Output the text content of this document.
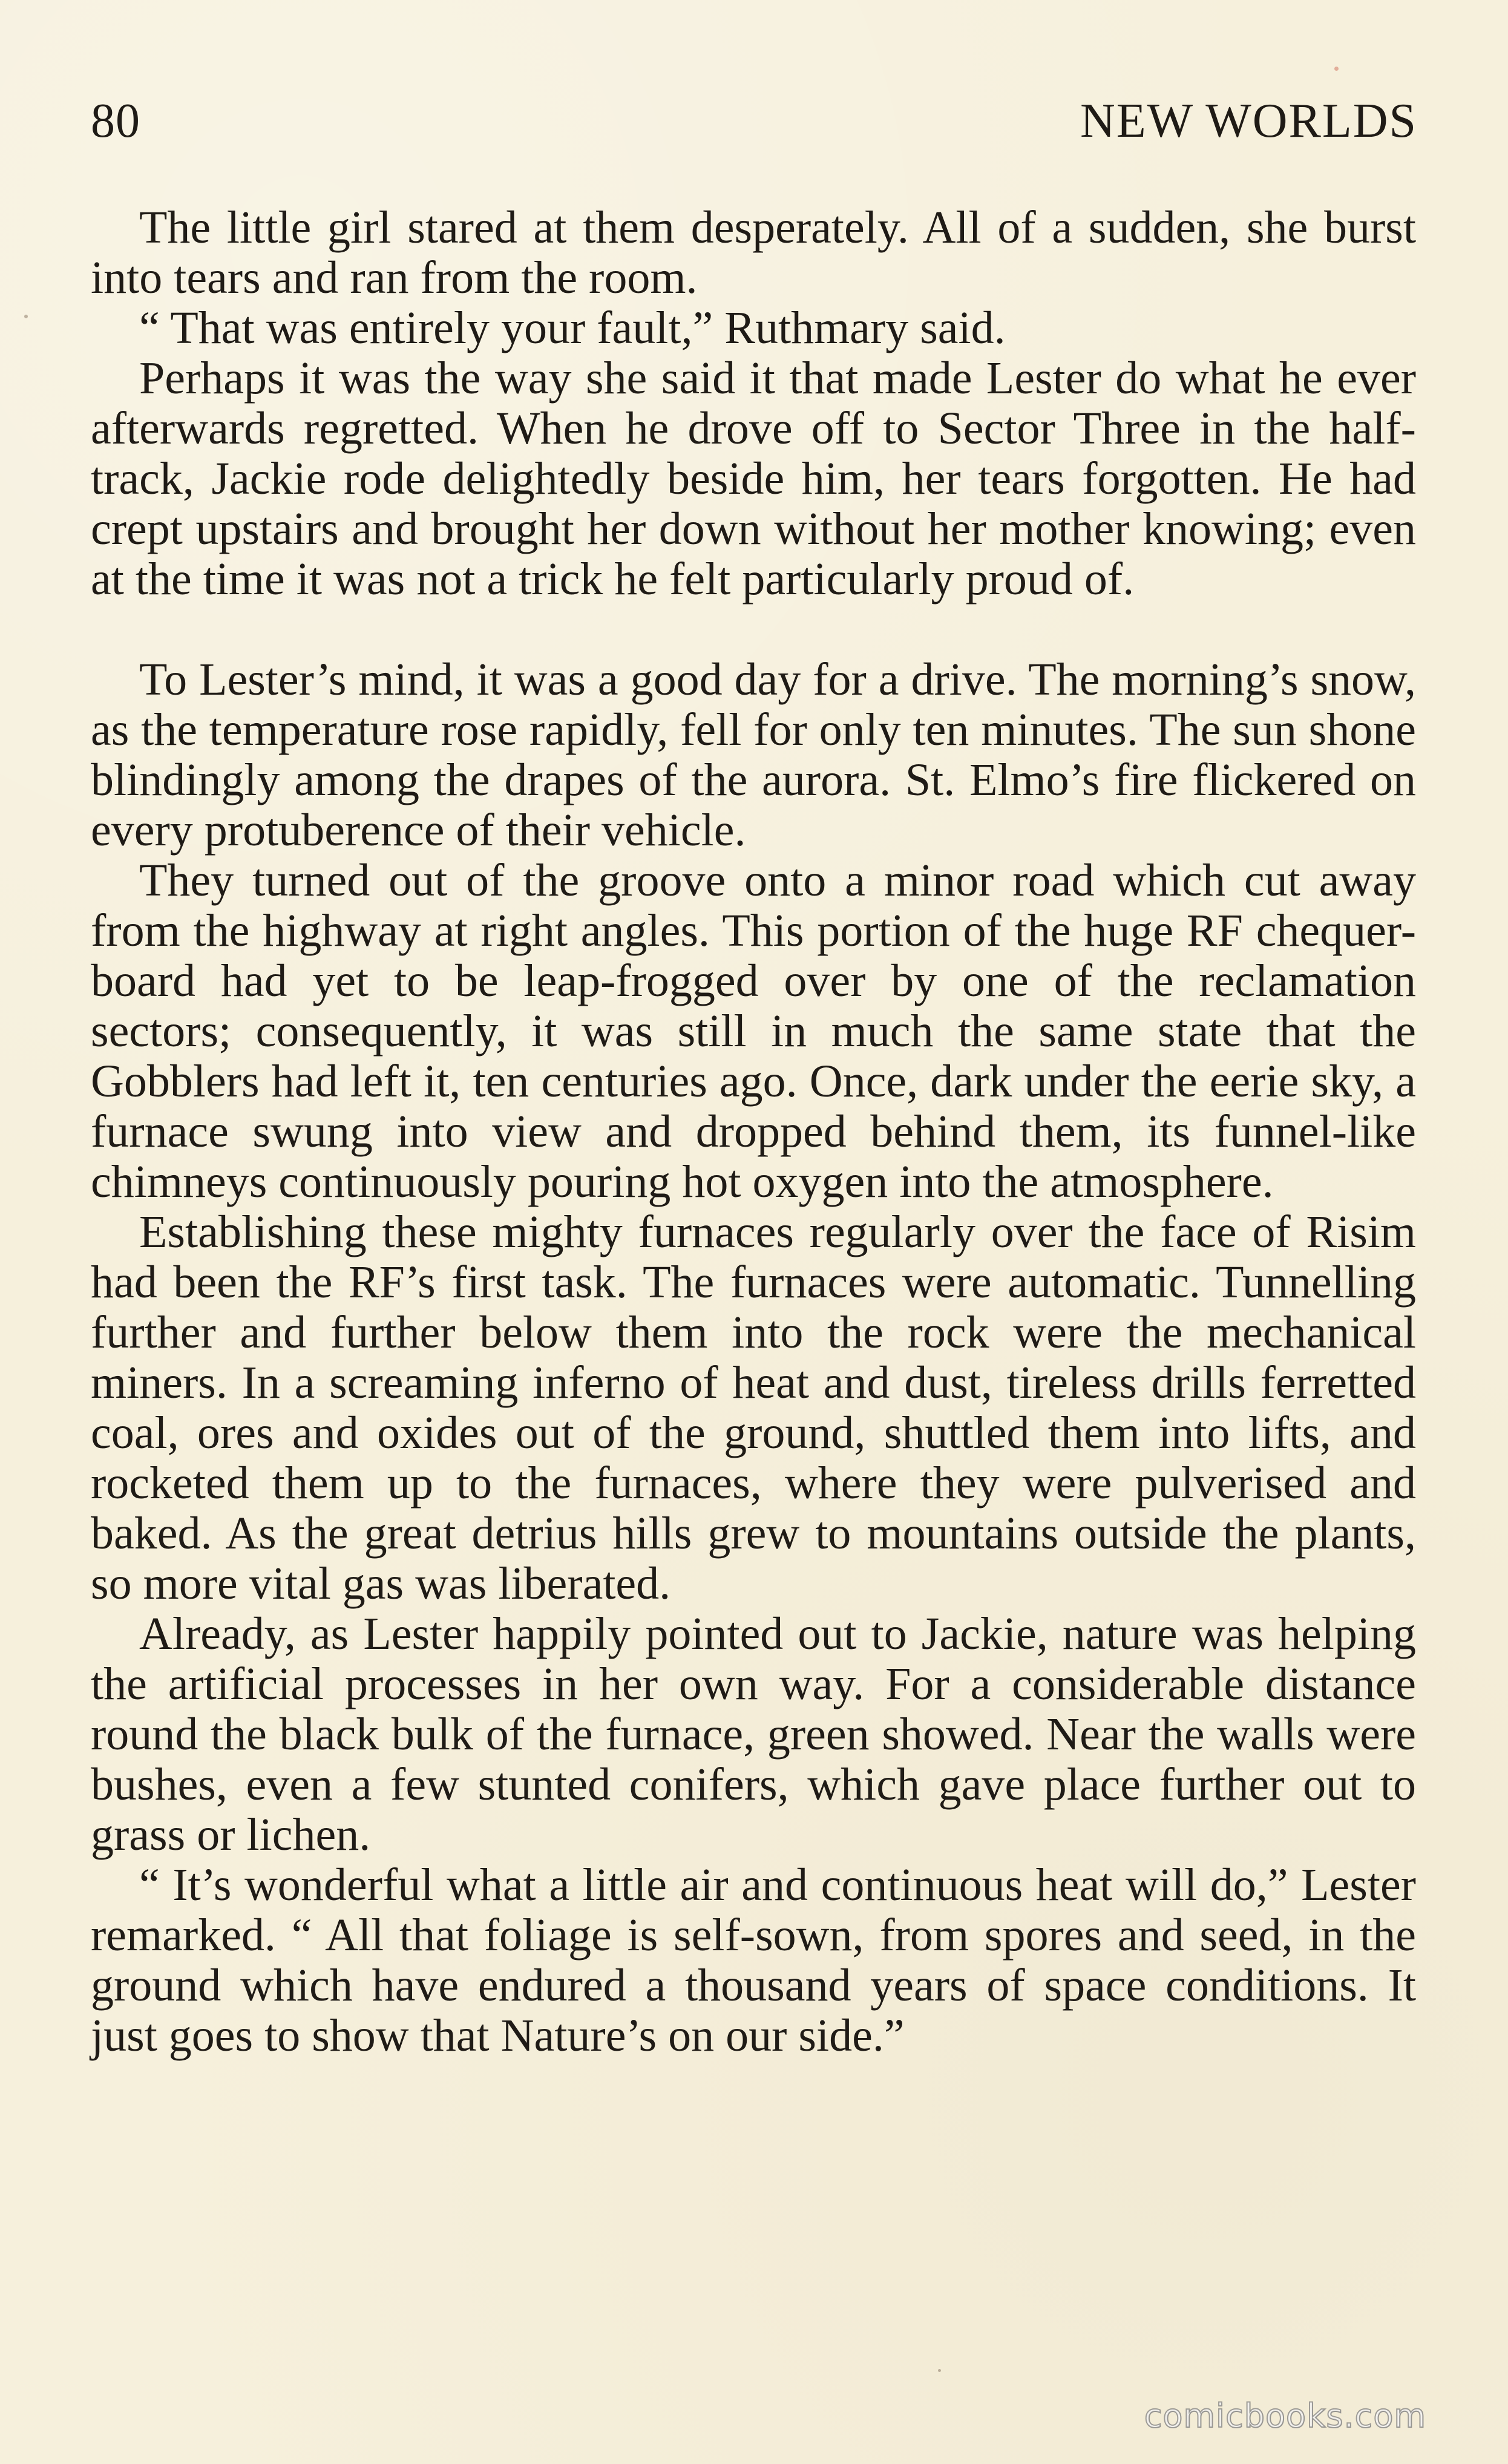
80	NEW WORLDS

The little girl stared at them desperately. All of a sudden, she burst into tears and ran from the room.

“ That was entirely your fault,” Ruthmary said.

Perhaps it was the way she said it that made Lester do what he ever afterwards regretted. When he drove off to Sector Three in the half-track, Jackie rode delightedly beside him, her tears forgotten. He had crept upstairs and brought her down without her mother knowing; even at the time it was not a trick he felt particularly proud of.

To Lester’s mind, it was a good day for a drive. The morning’s snow, as the temperature rose rapidly, fell for only ten minutes. The sun shone blindingly among the drapes of the aurora. St. Elmo’s fire flickered on every protuberence of their vehicle.

They turned out of the groove onto a minor road which cut away from the highway at right angles. This portion of the huge RF chequer-board had yet to be leap-frogged over by one of the reclamation sectors; consequently, it was still in much the same state that the Gobblers had left it, ten centuries ago. Once, dark under the eerie sky, a furnace swung into view and dropped behind them, its funnel-like chimneys continuously pouring hot oxygen into the atmosphere.

Establishing these mighty furnaces regularly over the face of Risim had been the RF’s first task. The furnaces were automatic. Tunnelling further and further below them into the rock were the mechanical miners. In a screaming inferno of heat and dust, tireless drills ferretted coal, ores and oxides out of the ground, shuttled them into lifts, and rocketed them up to the furnaces, where they were pulverised and baked. As the great detrius hills grew to mountains outside the plants, so more vital gas was liberated.

Already, as Lester happily pointed out to Jackie, nature was helping the artificial processes in her own way. For a considerable distance round the black bulk of the furnace, green showed. Near the walls were bushes, even a few stunted conifers, which gave place further out to grass or lichen.

“ It’s wonderful what a little air and continuous heat will do,” Lester remarked. “ All that foliage is self-sown, from spores and seed, in the ground which have endured a thousand years of space conditions. It just goes to show that Nature’s on our side.”

comicbooks.com
